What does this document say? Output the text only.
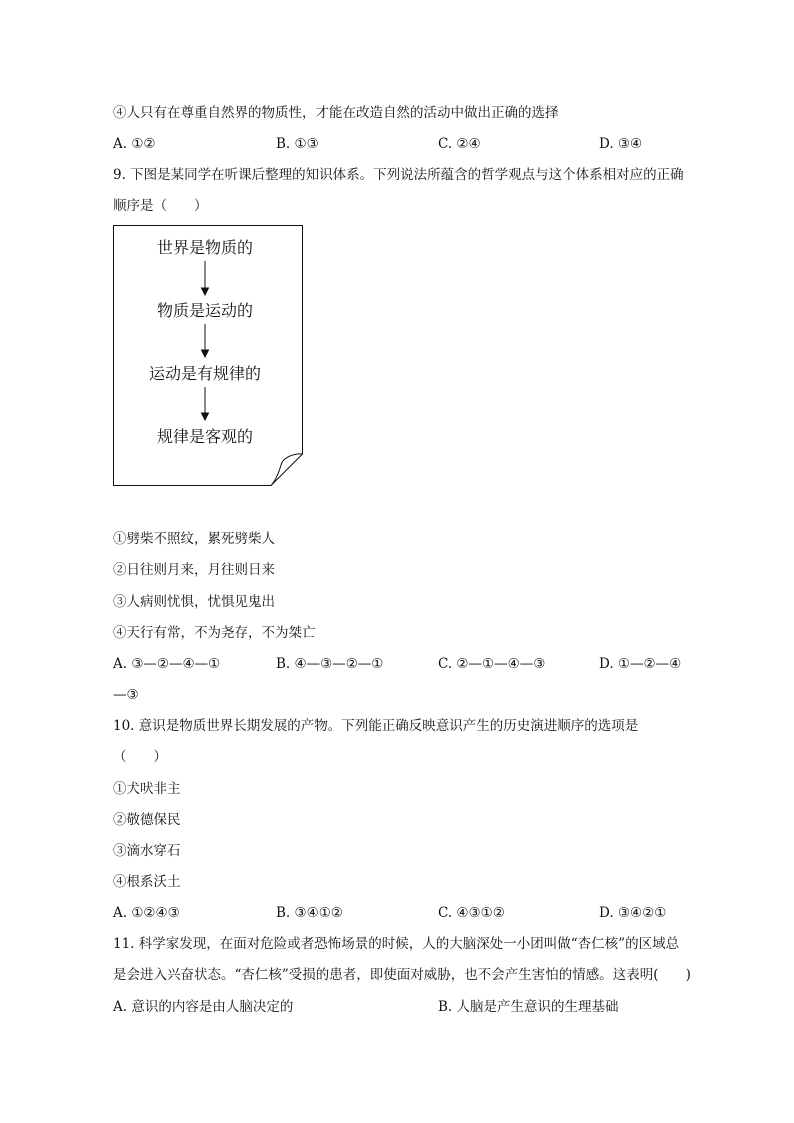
④人只有在尊重自然界的物质性，才能在改造自然的活动中做出正确的选择
A. ①②	B. ①③	C. ②④	D. ③④
9. 下图是某同学在听课后整理的知识体系。下列说法所蕴含的哲学观点与这个体系相对应的正确
顺序是（　　）
世界是物质的
物质是运动的
运动是有规律的
规律是客观的
①劈柴不照纹，累死劈柴人
②日往则月来，月往则日来
③人病则忧惧，忧惧见鬼出
④天行有常，不为尧存，不为桀亡
A. ③—②—④—①	B. ④—③—②—①	C. ②—①—④—③	D. ①—②—④
—③
10. 意识是物质世界长期发展的产物。下列能正确反映意识产生的历史演进顺序的选项是
（　　）
①犬吠非主
②敬德保民
③滴水穿石
④根系沃土
A. ①②④③	B. ③④①②	C. ④③①②	D. ③④②①
11. 科学家发现，在面对危险或者恐怖场景的时候，人的大脑深处一小团叫做“杏仁核”的区域总
是会进入兴奋状态。“杏仁核”受损的患者，即使面对威胁，也不会产生害怕的情感。这表明(　　)
A. 意识的内容是由人脑决定的	B. 人脑是产生意识的生理基础
